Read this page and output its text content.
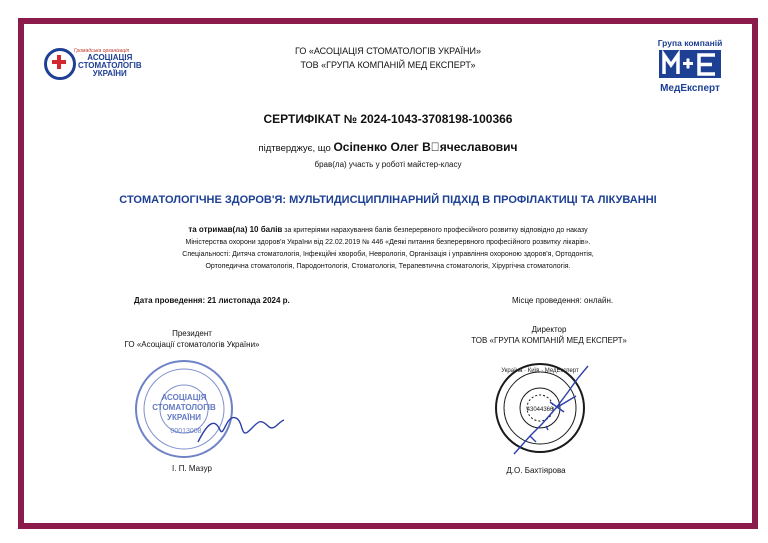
Громадська організація
АСОЦІАЦІЯ
СТОМАТОЛОГІВ
УКРАЇНИ
ГО «АСОЦІАЦІЯ СТОМАТОЛОГІВ УКРАЇНИ»
ТОВ «ГРУПА КОМПАНІЙ МЕД ЕКСПЕРТ»
Група компаній
МедЕксперт
СЕРТИФІКАТ № 2024-1043-3708198-100366
підтверджує, що Осіпенко Олег В ячеславович
брав(ла) участь у роботі майстер-класу
СТОМАТОЛОГІЧНЕ ЗДОРОВ'Я: МУЛЬТИДИСЦИПЛІНАРНИЙ ПІДХІД В ПРОФІЛАКТИЦІ ТА ЛІКУВАННІ
та отримав(ла) 10 балів за критеріями нарахування балів безперервного професійного розвитку відповідно до наказу
Міністерства охорони здоров'я України від 22.02.2019 № 446 «Деякі питання безперервного професійного розвитку лікарів».
Спеціальності: Дитяча стоматологія, Інфекційні хвороби, Неврологія, Організація і управління охороною здоров'я, Ортодонтія,
Ортопедична стоматологія, Пародонтологія, Стоматологія, Терапевтична стоматологія, Хірургічна стоматологія.
Дата проведення: 21 листопада 2024 р.	Місце проведення: онлайн.
Президент
ГО «Асоціації стоматологів України»
АСОЦІАЦІЯ
СТОМАТОЛОГІВ
УКРАЇНИ
00013008
І. П. Мазур
Директор
ТОВ «ГРУПА КОМПАНІЙ МЕД ЕКСПЕРТ»
Україна · Київ · МедЕксперт
43044366
Д.О. Бахтіярова
